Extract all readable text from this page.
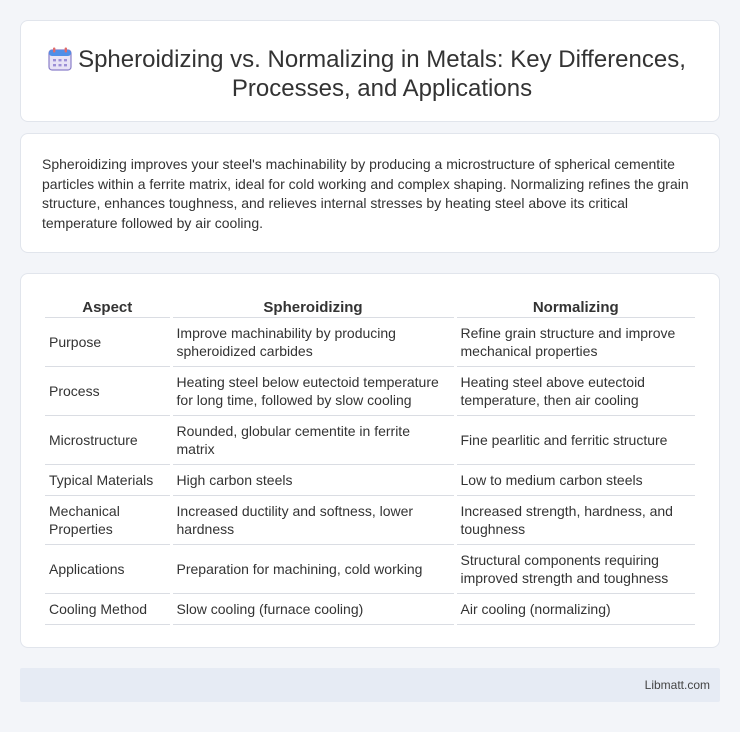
Spheroidizing vs. Normalizing in Metals: Key Differences, Processes, and Applications

Spheroidizing improves your steel's machinability by producing a microstructure of spherical cementite particles within a ferrite matrix, ideal for cold working and complex shaping. Normalizing refines the grain structure, enhances toughness, and relieves internal stresses by heating steel above its critical temperature followed by air cooling.

Aspect	Spheroidizing	Normalizing
Purpose	Improve machinability by producing spheroidized carbides	Refine grain structure and improve mechanical properties
Process	Heating steel below eutectoid temperature for long time, followed by slow cooling	Heating steel above eutectoid temperature, then air cooling
Microstructure	Rounded, globular cementite in ferrite matrix	Fine pearlitic and ferritic structure
Typical Materials	High carbon steels	Low to medium carbon steels
Mechanical Properties	Increased ductility and softness, lower hardness	Increased strength, hardness, and toughness
Applications	Preparation for machining, cold working	Structural components requiring improved strength and toughness
Cooling Method	Slow cooling (furnace cooling)	Air cooling (normalizing)
Libmatt.com
